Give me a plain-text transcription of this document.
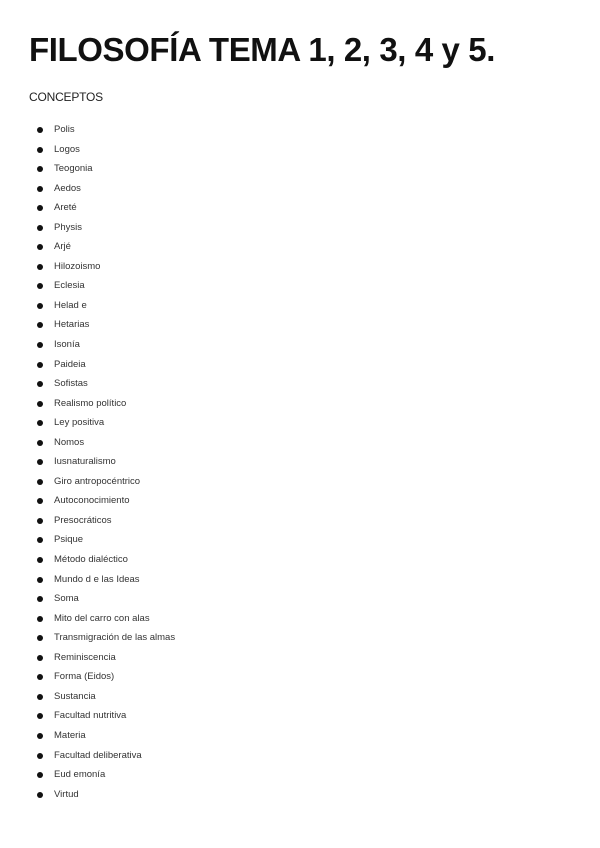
FILOSOFÍA TEMA 1, 2, 3, 4 y 5.

CONCEPTOS

Polis
Logos
Teogonia
Aedos
Areté
Physis
Arjé
Hilozoismo
Eclesia
Helad e
Hetarias
Isonía
Paideia
Sofistas
Realismo político
Ley positiva
Nomos
Iusnaturalismo
Giro antropocéntrico
Autoconocimiento
Presocráticos
Psique
Método dialéctico
Mundo d e las Ideas
Soma
Mito del carro con alas
Transmigración de las almas
Reminiscencia
Forma (Eidos)
Sustancia
Facultad nutritiva
Materia
Facultad deliberativa
Eud emonía
Virtud
